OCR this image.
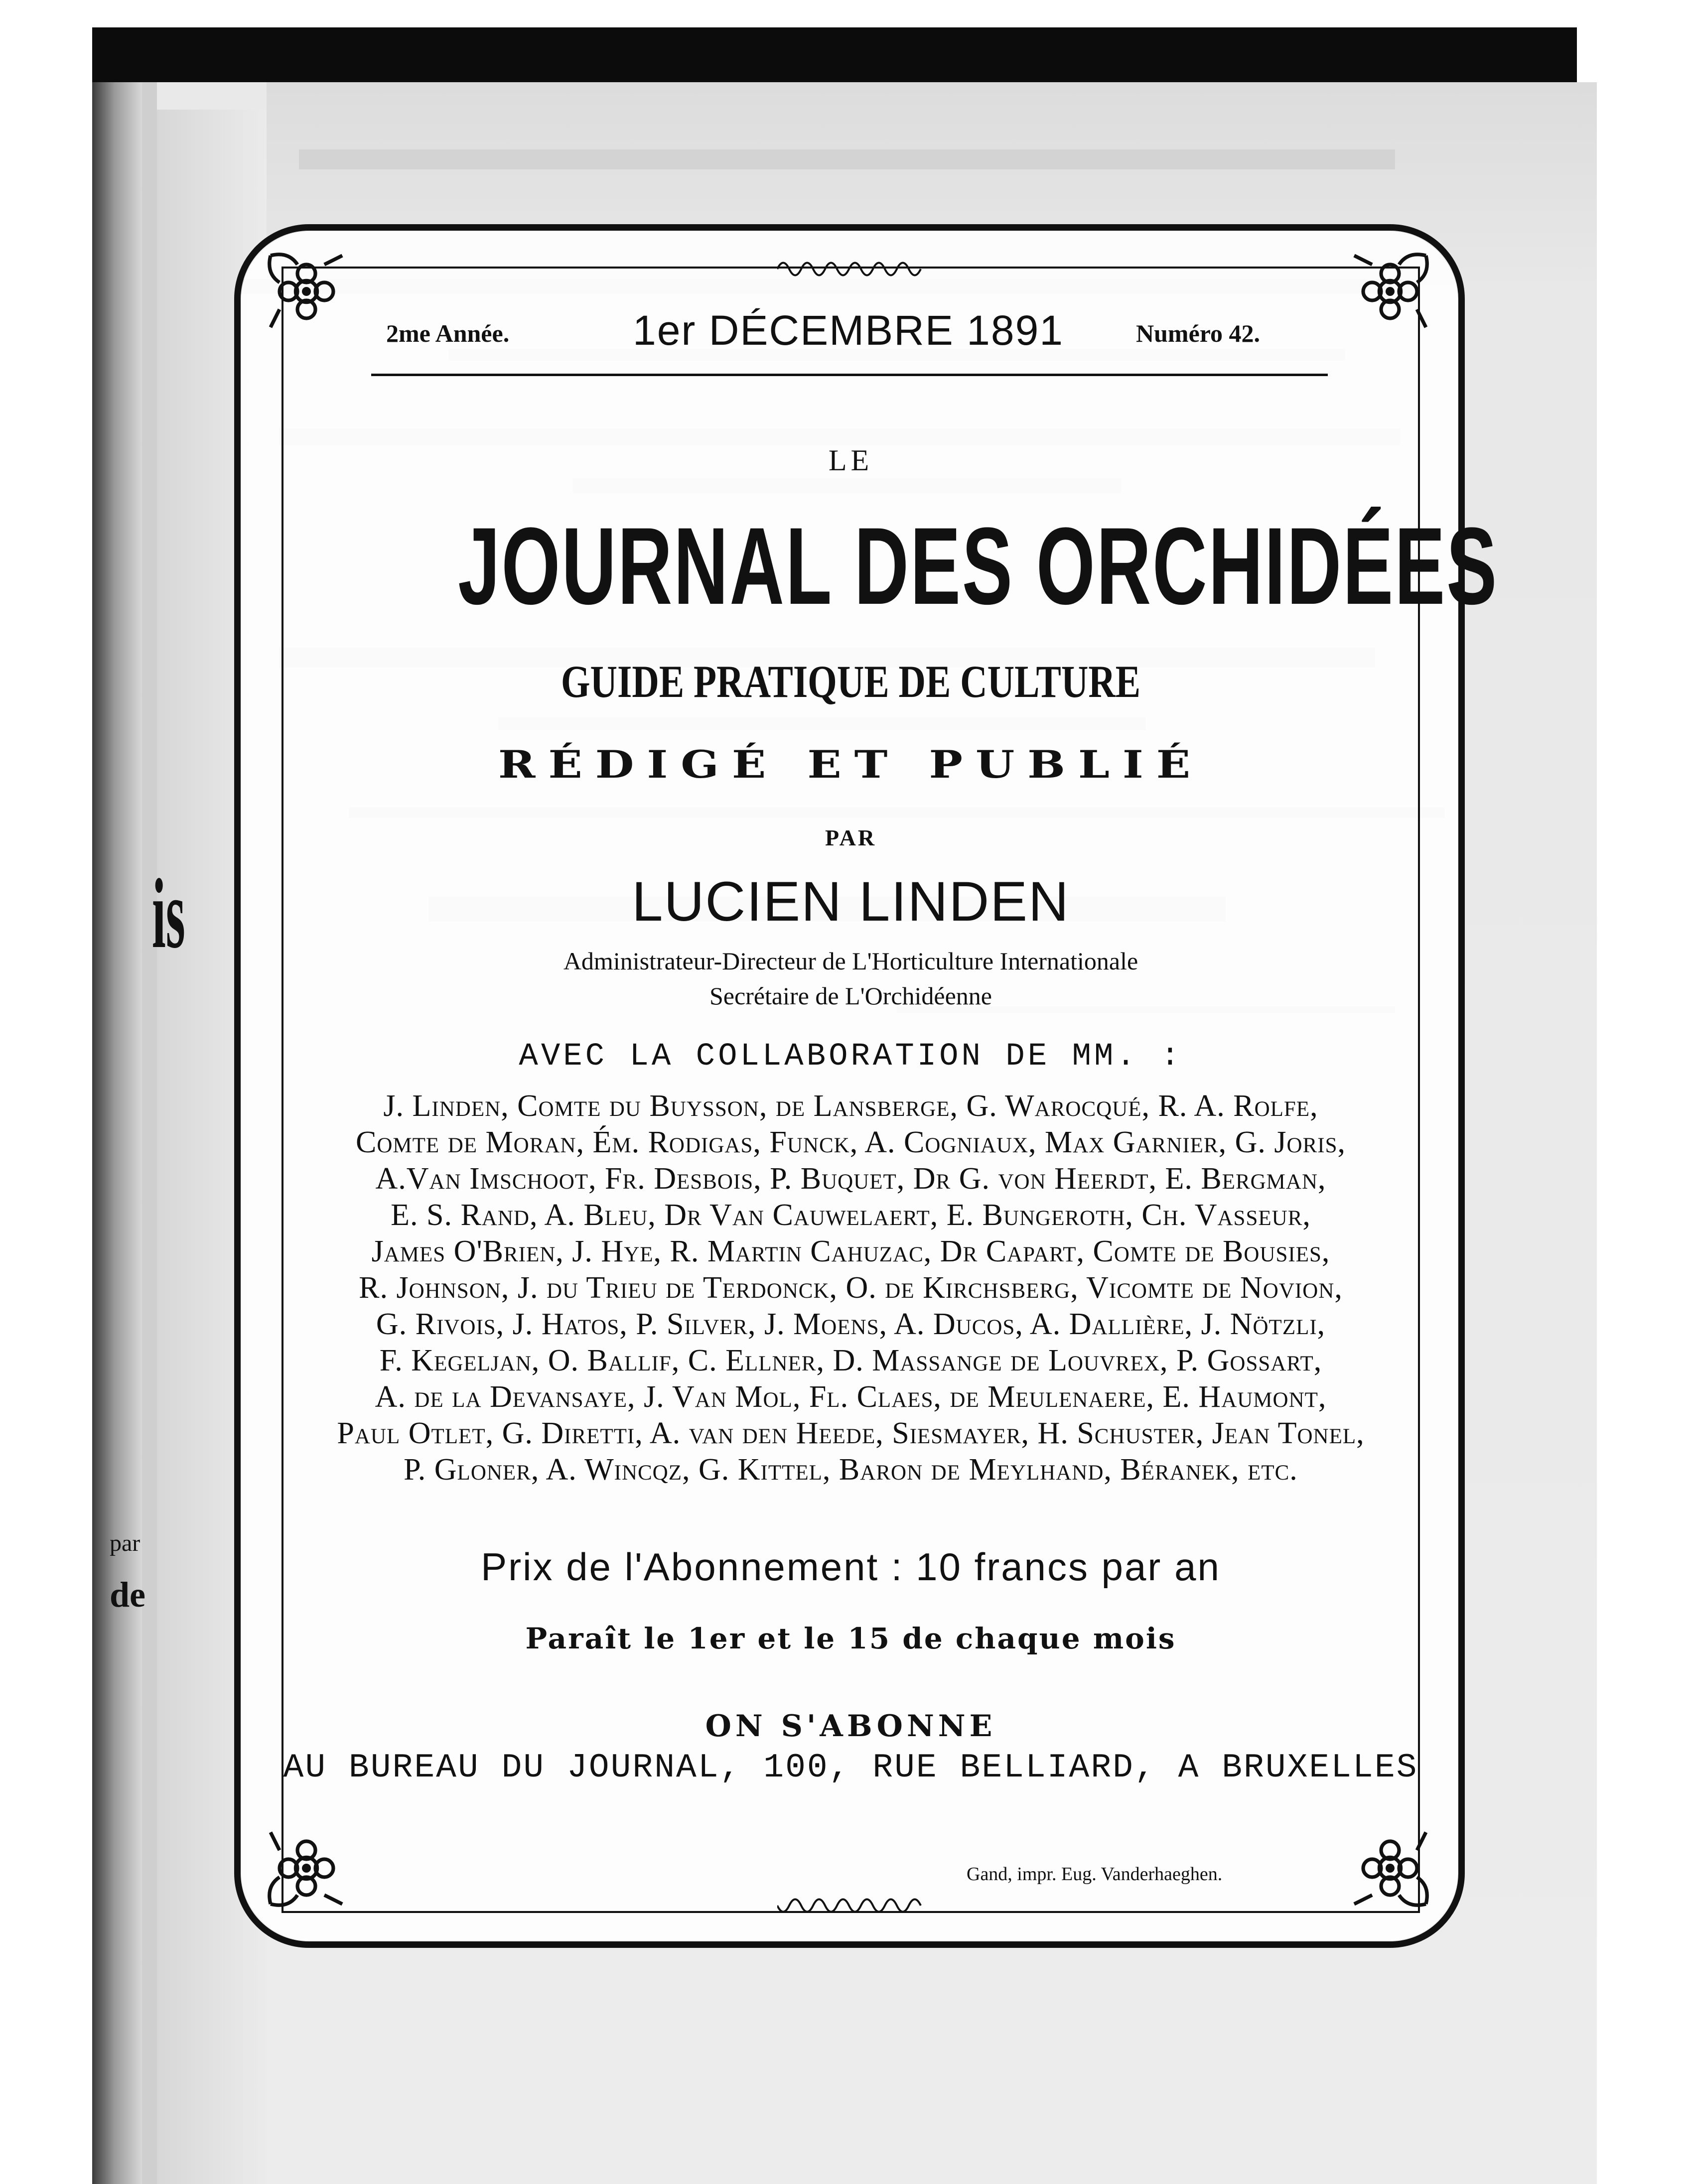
is
par
de
2me Année.	1er DÉCEMBRE 1891	Numéro 42.
LE
JOURNAL DES ORCHIDÉES
GUIDE PRATIQUE DE CULTURE
RÉDIGÉ ET PUBLIÉ
PAR
LUCIEN LINDEN
Administrateur-Directeur de L'Horticulture Internationale
Secrétaire de L'Orchidéenne
AVEC LA COLLABORATION DE MM. :
J. Linden, Comte du Buysson, de Lansberge, G. Warocqué, R. A. Rolfe,
Comte de Moran, Ém. Rodigas, Funck, A. Cogniaux, Max Garnier, G. Joris,
A.Van Imschoot, Fr. Desbois, P. Buquet, Dr G. von Heerdt, E. Bergman,
E. S. Rand, A. Bleu, Dr Van Cauwelaert, E. Bungeroth, Ch. Vasseur,
James O'Brien, J. Hye, R. Martin Cahuzac, Dr Capart, Comte de Bousies,
R. Johnson, J. du Trieu de Terdonck, O. de Kirchsberg, Vicomte de Novion,
G. Rivois, J. Hatos, P. Silver, J. Moens, A. Ducos, A. Dallière, J. Nötzli,
F. Kegeljan, O. Ballif, C. Ellner, D. Massange de Louvrex, P. Gossart,
A. de la Devansaye, J. Van Mol, Fl. Claes, de Meulenaere, E. Haumont,
Paul Otlet, G. Diretti, A. van den Heede, Siesmayer, H. Schuster, Jean Tonel,
P. Gloner, A. Wincqz, G. Kittel, Baron de Meylhand, Béranek, etc.
Prix de l'Abonnement : 10 francs par an
Paraît le 1er et le 15 de chaque mois
ON S'ABONNE
AU BUREAU DU JOURNAL, 100, RUE BELLIARD, A BRUXELLES
Gand, impr. Eug. Vanderhaeghen.
